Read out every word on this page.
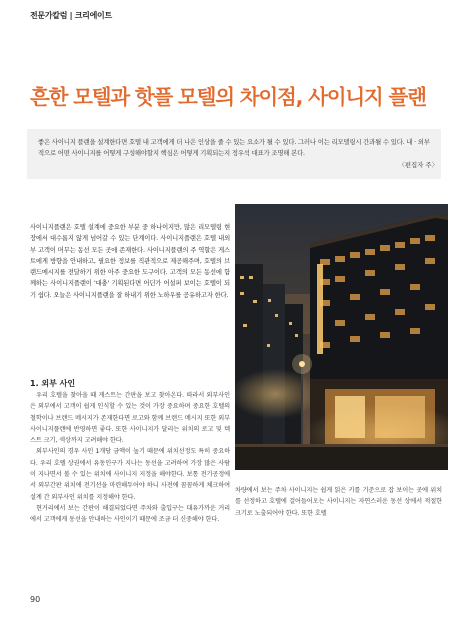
전문가칼럼 | 크리에이트
흔한 모텔과 핫플 모텔의 차이점, 사이니지 플랜
좋은 사이니지 플랜을 설계한다면 호텔 내 고객에게 더 나은 인상을 줄 수 있는 요소가 될 수 있다. 그러나 이는 리모델링시 간과될 수 있다. 내 · 외부적으로 어떤 사이니지를 어떻게 구성해야할지 핵심은 어떻게 기획되는지 정우석 대표가 조명해 본다.
〈편집자 주〉
사이니지플랜은 호텔 설계에 중요한 부분 중 하나이지만, 많은 리모델링 현장에서 대수롭지 않게 넘어갈 수 있는 단계이다. 사이니지플랜은 호텔 내외부 고객이 머무는 동선 모든 곳에 존재한다. 사이니지플랜의 주 역할은 게스트에게 방향을 안내하고, 필요한 정보를 직관적으로 제공해주며, 호텔의 브랜드메시지를 전달하기 위한 아주 중요한 도구이다. 고객의 모든 동선에 함께하는 사이니지플랜이 '대충' 기획된다면 어딘가 어설퍼 보이는 호텔이 되기 쉽다. 오늘은 사이니지플랜을 잘 하내기 위한 노하우를 공유하고자 한다.
1. 외부 사인

우리 호텔을 찾아올 때 게스트는 간판을 보고 찾아온다. 따라서 외부사인은 외부에서 고객이 쉽게 인식할 수 있는 것이 가장 중요하며 중요한 호텔의 철학이나 브랜드 메시지가 존재한다면 로고와 함께 브랜드 메시지 또한 외부 사이니지플랜에 반영하면 좋다. 또한 사이니지가 달리는 위치의 로고 및 텍스트 크기, 색상까지 고려해야 한다.

외부사인의 경우 사인 1개당 금액이 높기 때문에 위치선정도 특히 중요하다. 우리 호텔 상권에서 유동인구가 지나는 동선을 고려하여 가장 많은 사람이 지나면서 볼 수 있는 위치에 사이니지 지정을 해야한다. 보통 전기공정에서 외부간판 위치에 전기선을 마련해두어야 하니 사전에 꼼꼼하게 체크하여 설계 간 외부사인 위치를 지정해야 한다.

현거리에서 보는 간판이 해결되었다면 주차와 출입구는 대유가까운 거리에서 고객에게 동선을 안내하는 사인이기 때문에 조금 더 신중해야 한다.

차량에서 보는 주차 사이니지는 쉽게 읽은 키를 기준으로 잡 보이는 곳에 위치를 선정하고 호텔에 걸어들어오는 사이니지는 자연스러운 동선 상에서 적절한 크기로 노출되어야 한다. 또한 호텔
90
